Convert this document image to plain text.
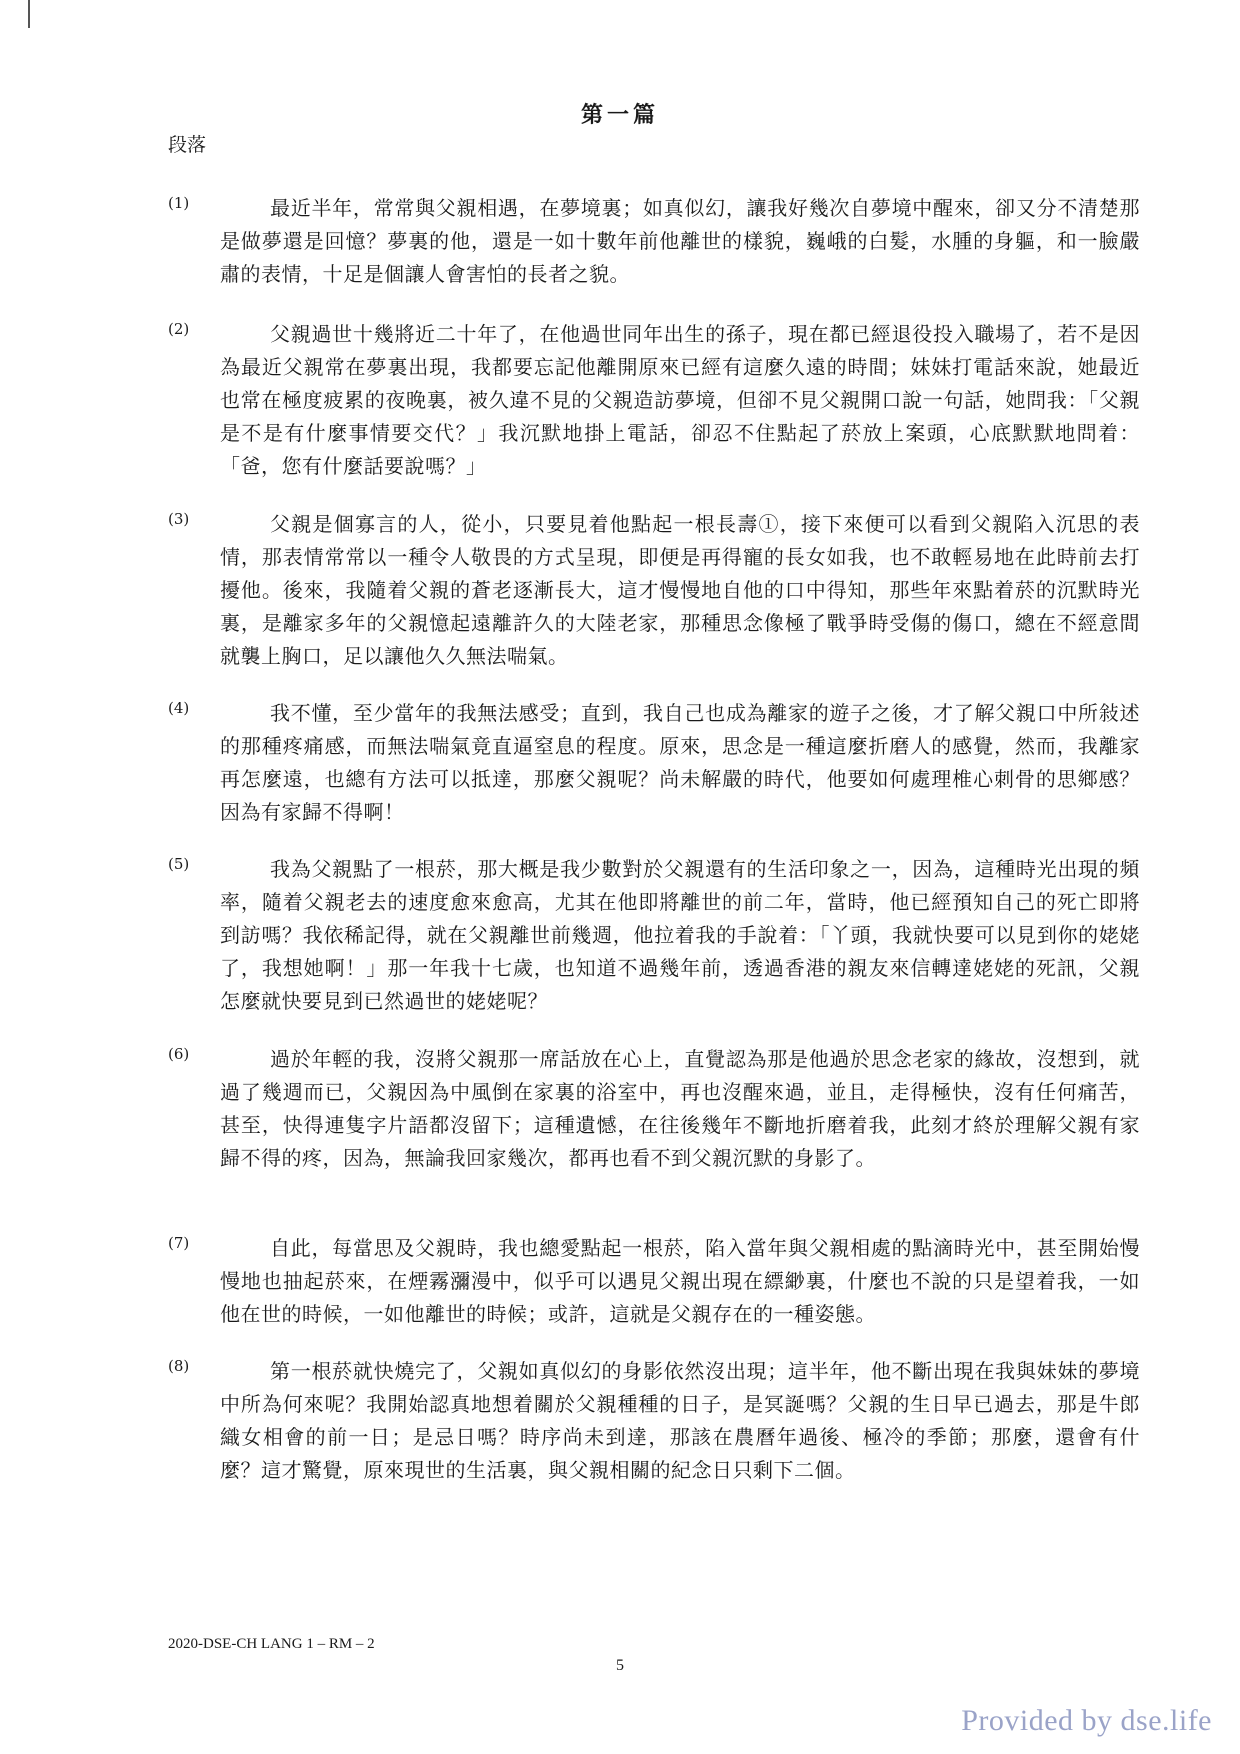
第一篇
段落
(1)	最近半年，常常與父親相遇，在夢境裏；如真似幻，讓我好幾次自夢境中醒來，卻又分不清楚那是做夢還是回憶？夢裏的他，還是一如十數年前他離世的樣貌，巍峨的白髮，水腫的身軀，和一臉嚴肅的表情，十足是個讓人會害怕的長者之貌。
(2)	父親過世十幾將近二十年了，在他過世同年出生的孫子，現在都已經退役投入職場了，若不是因為最近父親常在夢裏出現，我都要忘記他離開原來已經有這麼久遠的時間；妹妹打電話來說，她最近也常在極度疲累的夜晚裏，被久違不見的父親造訪夢境，但卻不見父親開口說一句話，她問我：「父親是不是有什麼事情要交代？」我沉默地掛上電話，卻忍不住點起了菸放上案頭，心底默默地問着：「爸，您有什麼話要說嗎？」
(3)	父親是個寡言的人，從小，只要見着他點起一根長壽①，接下來便可以看到父親陷入沉思的表情，那表情常常以一種令人敬畏的方式呈現，即便是再得寵的長女如我，也不敢輕易地在此時前去打擾他。後來，我隨着父親的蒼老逐漸長大，這才慢慢地自他的口中得知，那些年來點着菸的沉默時光裏，是離家多年的父親憶起遠離許久的大陸老家，那種思念像極了戰爭時受傷的傷口，總在不經意間就襲上胸口，足以讓他久久無法喘氣。
(4)	我不懂，至少當年的我無法感受；直到，我自己也成為離家的遊子之後，才了解父親口中所敍述的那種疼痛感，而無法喘氣竟直逼窒息的程度。原來，思念是一種這麼折磨人的感覺，然而，我離家再怎麼遠，也總有方法可以抵達，那麼父親呢？尚未解嚴的時代，他要如何處理椎心刺骨的思鄉感？因為有家歸不得啊！
(5)	我為父親點了一根菸，那大概是我少數對於父親還有的生活印象之一，因為，這種時光出現的頻率，隨着父親老去的速度愈來愈高，尤其在他即將離世的前二年，當時，他已經預知自己的死亡即將到訪嗎？我依稀記得，就在父親離世前幾週，他拉着我的手說着：「丫頭，我就快要可以見到你的姥姥了，我想她啊！」那一年我十七歲，也知道不過幾年前，透過香港的親友來信轉達姥姥的死訊，父親怎麼就快要見到已然過世的姥姥呢？
(6)	過於年輕的我，沒將父親那一席話放在心上，直覺認為那是他過於思念老家的緣故，沒想到，就過了幾週而已，父親因為中風倒在家裏的浴室中，再也沒醒來過，並且，走得極快，沒有任何痛苦，甚至，快得連隻字片語都沒留下；這種遺憾，在往後幾年不斷地折磨着我，此刻才終於理解父親有家歸不得的疼，因為，無論我回家幾次，都再也看不到父親沉默的身影了。
(7)	自此，每當思及父親時，我也總愛點起一根菸，陷入當年與父親相處的點滴時光中，甚至開始慢慢地也抽起菸來，在煙霧瀰漫中，似乎可以遇見父親出現在縹緲裏，什麼也不說的只是望着我，一如他在世的時候，一如他離世的時候；或許，這就是父親存在的一種姿態。
(8)	第一根菸就快燒完了，父親如真似幻的身影依然沒出現；這半年，他不斷出現在我與妹妹的夢境中所為何來呢？我開始認真地想着關於父親種種的日子，是冥誕嗎？父親的生日早已過去，那是牛郎織女相會的前一日；是忌日嗎？時序尚未到達，那該在農曆年過後、極冷的季節；那麼，還會有什麼？這才驚覺，原來現世的生活裏，與父親相關的紀念日只剩下二個。
2020-DSE-CH LANG 1 – RM – 2
5
Provided by dse.life
